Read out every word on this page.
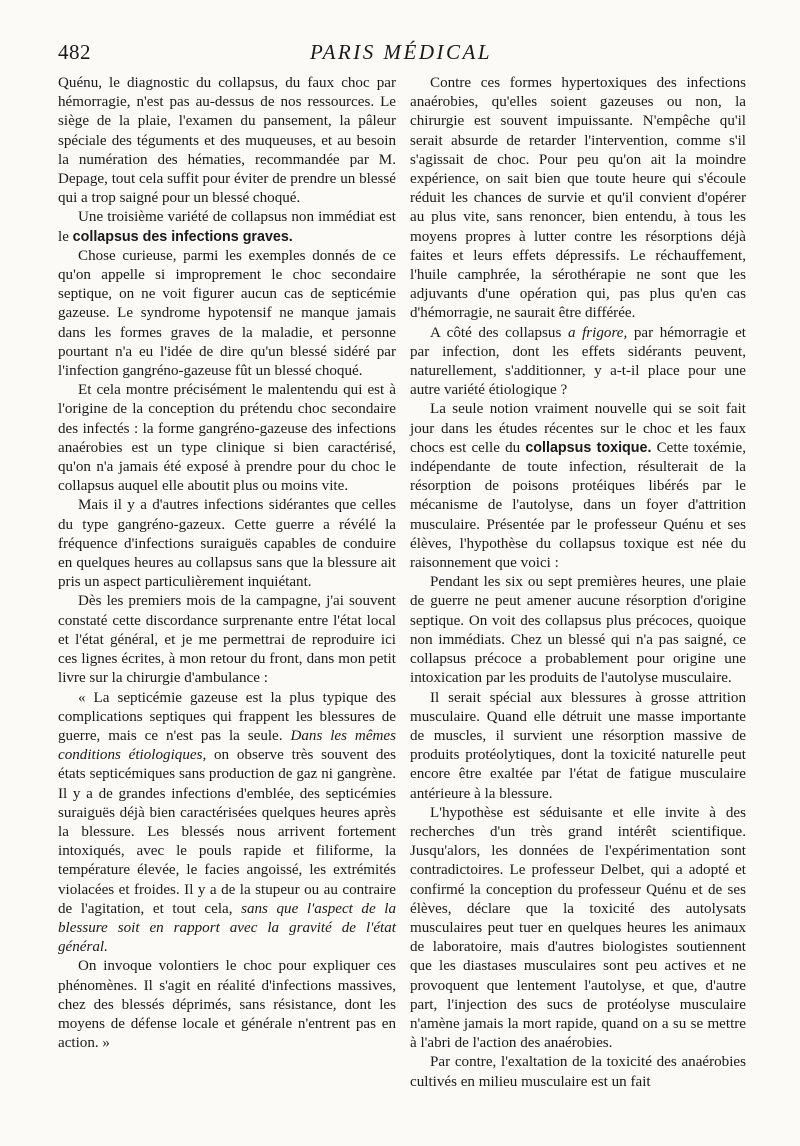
482	PARIS MÉDICAL

Quénu, le diagnostic du collapsus, du faux choc par hémorragie, n'est pas au-dessus de nos ressources. Le siège de la plaie, l'examen du pansement, la pâleur spéciale des téguments et des muqueuses, et au besoin la numération des hématies, recommandée par M. Depage, tout cela suffit pour éviter de prendre un blessé qui a trop saigné pour un blessé choqué.

Une troisième variété de collapsus non immédiat est le collapsus des infections graves.

Chose curieuse, parmi les exemples donnés de ce qu'on appelle si improprement le choc secondaire septique, on ne voit figurer aucun cas de septicémie gazeuse. Le syndrome hypotensif ne manque jamais dans les formes graves de la maladie, et personne pourtant n'a eu l'idée de dire qu'un blessé sidéré par l'infection gangréno-gazeuse fût un blessé choqué.

Et cela montre précisément le malentendu qui est à l'origine de la conception du prétendu choc secondaire des infectés : la forme gangréno-gazeuse des infections anaérobies est un type clinique si bien caractérisé, qu'on n'a jamais été exposé à prendre pour du choc le collapsus auquel elle aboutit plus ou moins vite.

Mais il y a d'autres infections sidérantes que celles du type gangréno-gazeux. Cette guerre a révélé la fréquence d'infections suraiguës capables de conduire en quelques heures au collapsus sans que la blessure ait pris un aspect particulièrement inquiétant.

Dès les premiers mois de la campagne, j'ai souvent constaté cette discordance surprenante entre l'état local et l'état général, et je me permettrai de reproduire ici ces lignes écrites, à mon retour du front, dans mon petit livre sur la chirurgie d'ambulance :

« La septicémie gazeuse est la plus typique des complications septiques qui frappent les blessures de guerre, mais ce n'est pas la seule. Dans les mêmes conditions étiologiques, on observe très souvent des états septicémiques sans production de gaz ni gangrène. Il y a de grandes infections d'emblée, des septicémies suraiguës déjà bien caractérisées quelques heures après la blessure. Les blessés nous arrivent fortement intoxiqués, avec le pouls rapide et filiforme, la température élevée, le facies angoissé, les extrémités violacées et froides. Il y a de la stupeur ou au contraire de l'agitation, et tout cela, sans que l'aspect de la blessure soit en rapport avec la gravité de l'état général.

On invoque volontiers le choc pour expliquer ces phénomènes. Il s'agit en réalité d'infections massives, chez des blessés déprimés, sans résistance, dont les moyens de défense locale et générale n'entrent pas en action. »

Contre ces formes hypertoxiques des infections anaérobies, qu'elles soient gazeuses ou non, la chirurgie est souvent impuissante. N'empêche qu'il serait absurde de retarder l'intervention, comme s'il s'agissait de choc. Pour peu qu'on ait la moindre expérience, on sait bien que toute heure qui s'écoule réduit les chances de survie et qu'il convient d'opérer au plus vite, sans renoncer, bien entendu, à tous les moyens propres à lutter contre les résorptions déjà faites et leurs effets dépressifs. Le réchauffement, l'huile camphrée, la sérothérapie ne sont que les adjuvants d'une opération qui, pas plus qu'en cas d'hémorragie, ne saurait être différée.

A côté des collapsus a frigore, par hémorragie et par infection, dont les effets sidérants peuvent, naturellement, s'additionner, y a-t-il place pour une autre variété étiologique ?

La seule notion vraiment nouvelle qui se soit fait jour dans les études récentes sur le choc et les faux chocs est celle du collapsus toxique. Cette toxémie, indépendante de toute infection, résulterait de la résorption de poisons protéiques libérés par le mécanisme de l'autolyse, dans un foyer d'attrition musculaire. Présentée par le professeur Quénu et ses élèves, l'hypothèse du collapsus toxique est née du raisonnement que voici :

Pendant les six ou sept premières heures, une plaie de guerre ne peut amener aucune résorption d'origine septique. On voit des collapsus plus précoces, quoique non immédiats. Chez un blessé qui n'a pas saigné, ce collapsus précoce a probablement pour origine une intoxication par les produits de l'autolyse musculaire.

Il serait spécial aux blessures à grosse attrition musculaire. Quand elle détruit une masse importante de muscles, il survient une résorption massive de produits protéolytiques, dont la toxicité naturelle peut encore être exaltée par l'état de fatigue musculaire antérieure à la blessure.

L'hypothèse est séduisante et elle invite à des recherches d'un très grand intérêt scientifique. Jusqu'alors, les données de l'expérimentation sont contradictoires. Le professeur Delbet, qui a adopté et confirmé la conception du professeur Quénu et de ses élèves, déclare que la toxicité des autolysats musculaires peut tuer en quelques heures les animaux de laboratoire, mais d'autres biologistes soutiennent que les diastases musculaires sont peu actives et ne provoquent que lentement l'autolyse, et que, d'autre part, l'injection des sucs de protéolyse musculaire n'amène jamais la mort rapide, quand on a su se mettre à l'abri de l'action des anaérobies.

Par contre, l'exaltation de la toxicité des anaérobies cultivés en milieu musculaire est un fait
